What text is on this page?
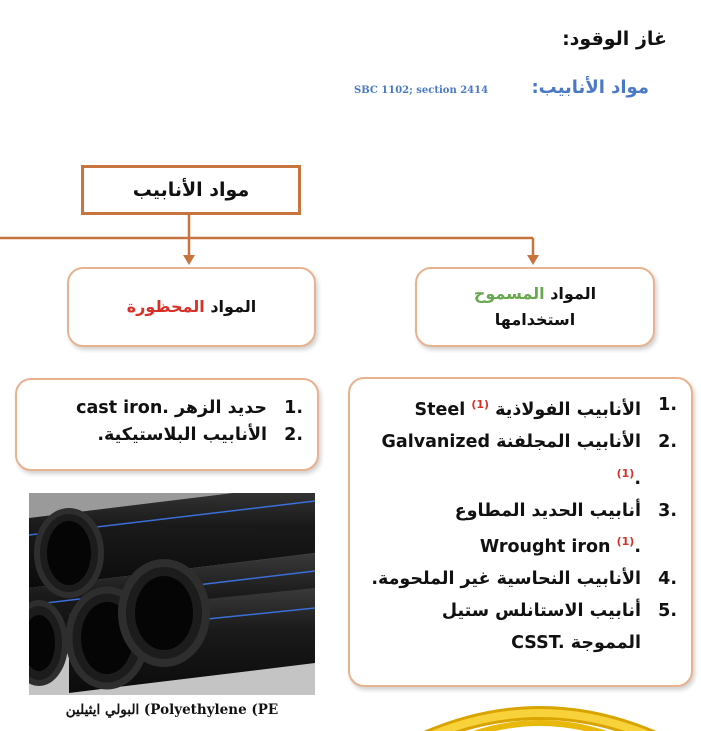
غاز الوقود:
مواد الأنابيب:
SBC 1102; section 2414
مواد الأنابيب
المواد المحظورة
المواد المسموح
استخدامها
.1
حديد الزهر cast iron.
.2
الأنابيب البلاستيكية.
.1
الأنابيب الفولاذية Steel $^{(1)}$
.2
الأنابيب المجلفنة Galvanized $^{(1)}$.
.3
أنابيب الحديد المطاوع Wrought iron $^{(1)}$.
.4
الأنابيب النحاسية غير الملحومة.
.5
أنابيب الاستانلس ستيل المموجة CSST.
البولي ايثيلين (Polyethylene (PE
